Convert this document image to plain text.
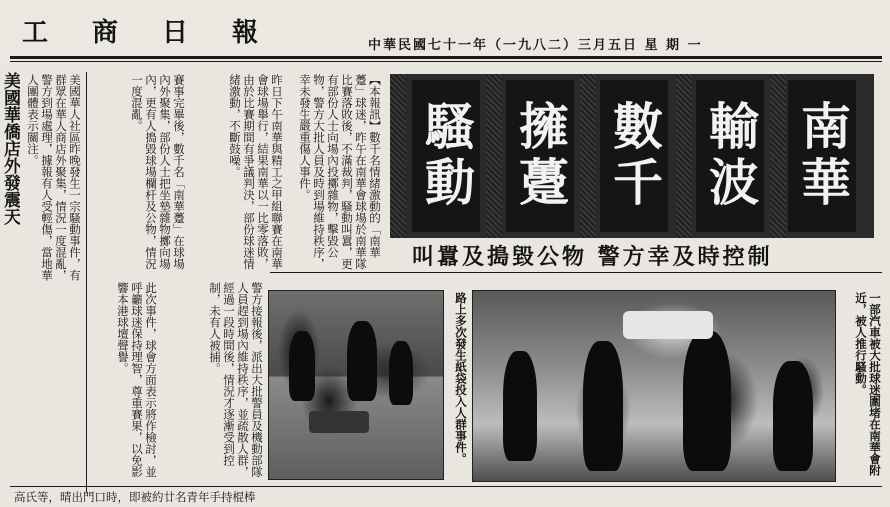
工商日報	中華民國七十一年（一九八二）三月五日 星 期 一
美國華僑店外發震天	美國華人社區昨晚發生一宗騷動事件，有群眾在華人商店外聚集，情況一度混亂，警方到場處理，據報有人受輕傷，當地華人團體表示關注。	【本報訊】數千名情緒激動的「南華躉」球迷，昨午在南華會球場於南華隊比賽落敗後，不滿裁判，騷動叫囂，更有部份人士向場內投擲雜物，擊毀公物，警方大批人員及時到場維持秩序，幸未發生嚴重傷人事件。
昨日下午南華與精工之甲組聯賽在南華會球場舉行，結果南華以一比零落敗，由於比賽期間有爭議判決，部份球迷情緒激動，不斷鼓噪。
賽事完畢後，數千名「南華躉」在球場內外聚集，部份人士把坐墊雜物擲向場內，更有人搗毀球場欄杆及公物，情況一度混亂。	南華
輸波
數千
擁躉
騷動
叫囂及搗毀公物 警方幸及時控制
警方接報後，派出大批警員及機動部隊人員趕到場內維持秩序，並疏散人群，經過一段時間後，情況才逐漸受到控制，未有人被捕。
此次事件，球會方面表示將作檢討，並呼籲球迷保持理智，尊重賽果，以免影響本港球壇聲譽。	路上多次發生紙袋投入人群事件。	一部汽車被大批球迷圍堵在南華會附近，被人推行騷動。
高氏等，晴出門口時，即被約廿名青年手持棍棒
